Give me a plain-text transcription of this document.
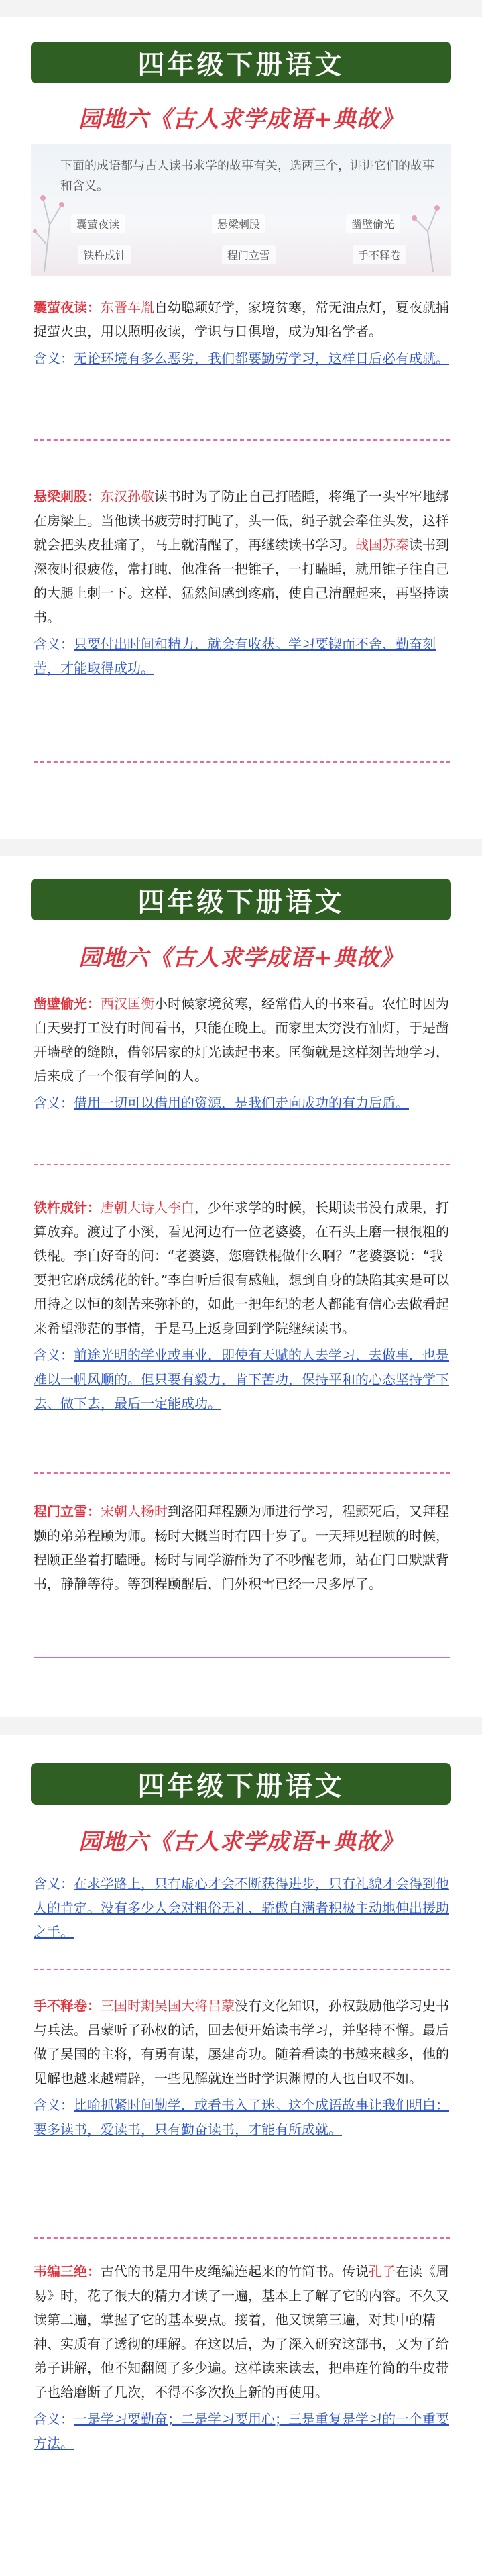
四年级下册语文
园地六《古人求学成语+典故》
下面的成语都与古人读书求学的故事有关，选两三个，讲讲它们的故事和含义。
囊萤夜读	悬梁刺股	凿壁偷光
铁杵成针	程门立雪	手不释卷

囊萤夜读：东晋车胤自幼聪颖好学，家境贫寒，常无油点灯，夏夜就捕捉萤火虫，用以照明夜读，学识与日俱增，成为知名学者。

含义：无论环境有多么恶劣，我们都要勤劳学习，这样日后必有成就。

悬梁刺股：东汉孙敬读书时为了防止自己打瞌睡，将绳子一头牢牢地绑在房梁上。当他读书疲劳时打盹了，头一低，绳子就会牵住头发，这样就会把头皮扯痛了，马上就清醒了，再继续读书学习。战国苏秦读书到深夜时很疲倦，常打盹，他准备一把锥子，一打瞌睡，就用锥子往自己的大腿上刺一下。这样，猛然间感到疼痛，使自己清醒起来，再坚持读书。

含义：只要付出时间和精力，就会有收获。学习要锲而不舍、勤奋刻苦，才能取得成功。

四年级下册语文
园地六《古人求学成语+典故》

凿壁偷光：西汉匡衡小时候家境贫寒，经常借人的书来看。农忙时因为白天要打工没有时间看书，只能在晚上。而家里太穷没有油灯，于是凿开墙壁的缝隙，借邻居家的灯光读起书来。匡衡就是这样刻苦地学习，后来成了一个很有学问的人。

含义：借用一切可以借用的资源，是我们走向成功的有力后盾。

铁杵成针：唐朝大诗人李白，少年求学的时候，长期读书没有成果，打算放弃。渡过了小溪，看见河边有一位老婆婆，在石头上磨一根很粗的铁棍。李白好奇的问：“老婆婆，您磨铁棍做什么啊？”老婆婆说：“我要把它磨成绣花的针。”李白听后很有感触，想到自身的缺陷其实是可以用持之以恒的刻苦来弥补的，如此一把年纪的老人都能有信心去做看起来希望渺茫的事情，于是马上返身回到学院继续读书。

含义：前途光明的学业或事业，即使有天赋的人去学习、去做事，也是难以一帆风顺的。但只要有毅力，肯下苦功，保持平和的心态坚持学下去、做下去，最后一定能成功。

程门立雪：宋朝人杨时到洛阳拜程颢为师进行学习，程颢死后，又拜程颢的弟弟程颐为师。杨时大概当时有四十岁了。一天拜见程颐的时候，程颐正坐着打瞌睡。杨时与同学游酢为了不吵醒老师，站在门口默默背书，静静等待。等到程颐醒后，门外积雪已经一尺多厚了。

四年级下册语文
园地六《古人求学成语+典故》

含义：在求学路上，只有虚心才会不断获得进步，只有礼貌才会得到他人的肯定。没有多少人会对粗俗无礼、骄傲自满者积极主动地伸出援助之手。

手不释卷：三国时期吴国大将吕蒙没有文化知识，孙权鼓励他学习史书与兵法。吕蒙听了孙权的话，回去便开始读书学习，并坚持不懈。最后做了吴国的主将，有勇有谋，屡建奇功。随着看读的书越来越多，他的见解也越来越精辟，一些见解就连当时学识渊博的人也自叹不如。

含义：比喻抓紧时间勤学，或看书入了迷。这个成语故事让我们明白：要多读书，爱读书，只有勤奋读书，才能有所成就。

韦编三绝：古代的书是用牛皮绳编连起来的竹简书。传说孔子在读《周易》时，花了很大的精力才读了一遍，基本上了解了它的内容。不久又读第二遍，掌握了它的基本要点。接着，他又读第三遍，对其中的精神、实质有了透彻的理解。在这以后，为了深入研究这部书，又为了给弟子讲解，他不知翻阅了多少遍。这样读来读去，把串连竹简的牛皮带子也给磨断了几次，不得不多次换上新的再使用。

含义：一是学习要勤奋；二是学习要用心；三是重复是学习的一个重要方法。
